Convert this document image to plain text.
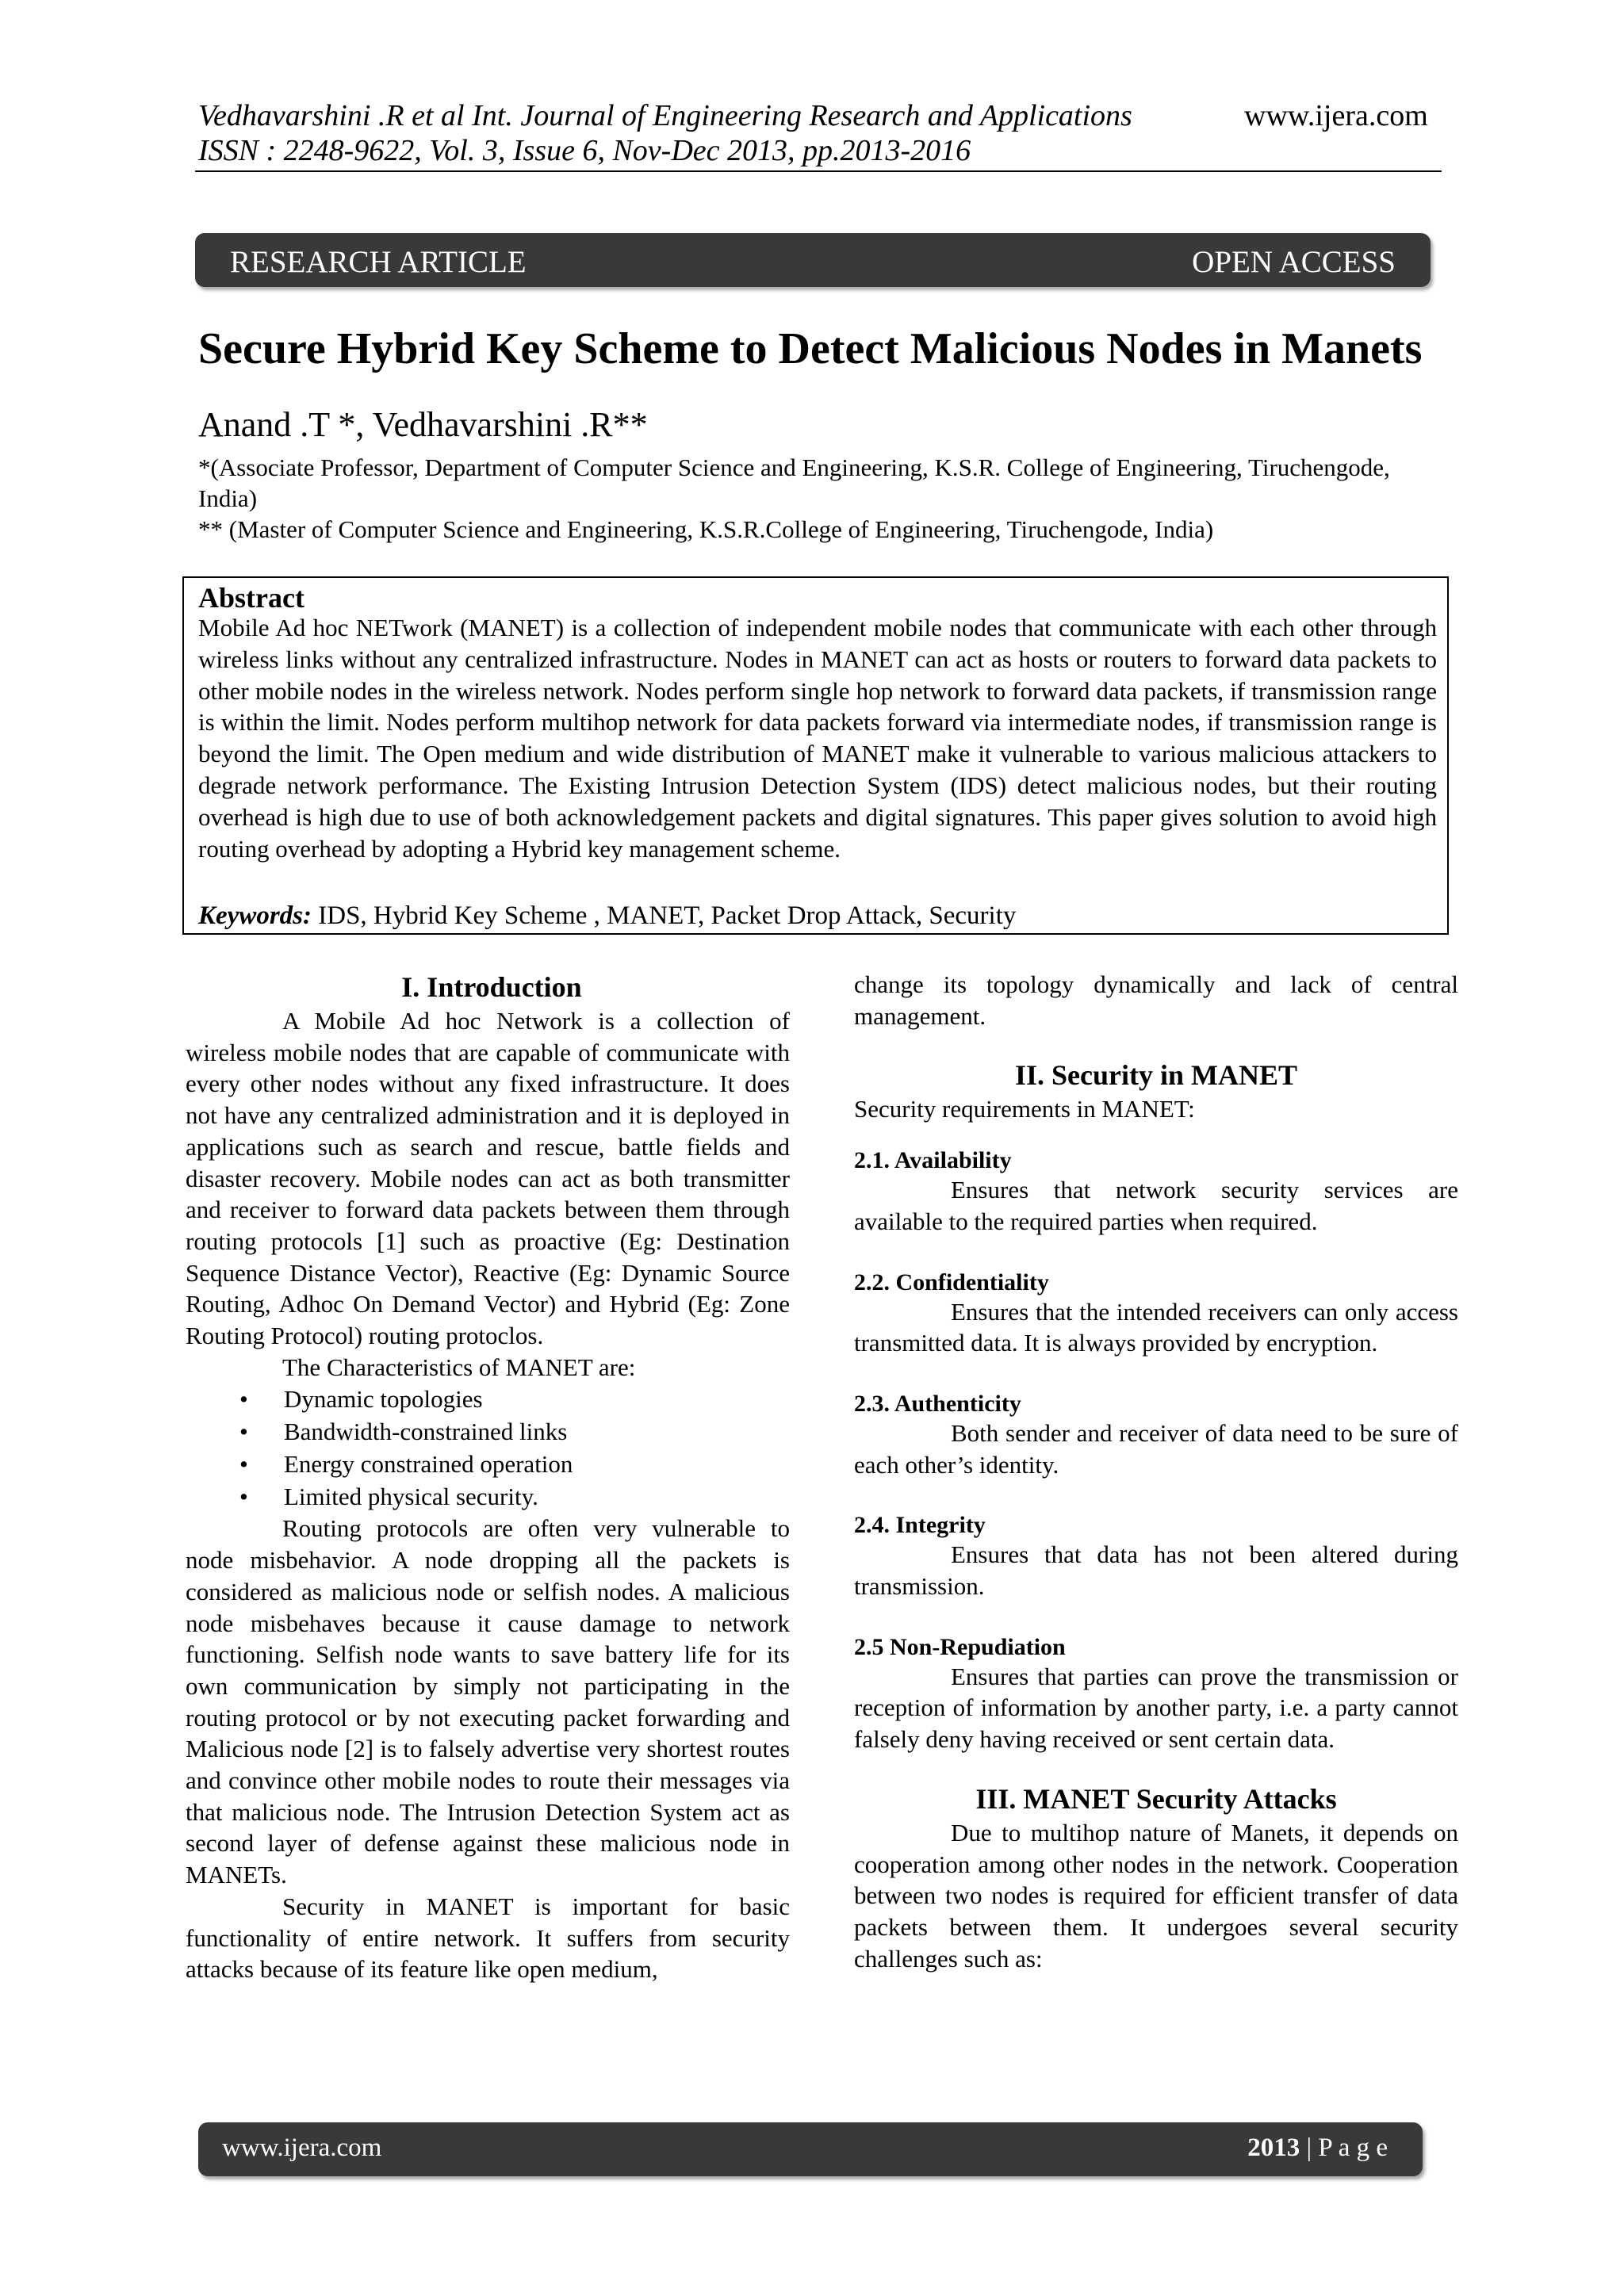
Vedhavarshini .R et al Int. Journal of Engineering Research and Applications	www.ijera.com
ISSN : 2248-9622, Vol. 3, Issue 6, Nov-Dec 2013, pp.2013-2016
RESEARCH ARTICLE	OPEN ACCESS
Secure Hybrid Key Scheme to Detect Malicious Nodes in Manets
Anand .T *, Vedhavarshini .R**
*(Associate Professor, Department of Computer Science and Engineering, K.S.R. College of Engineering, Tiruchengode, India)
** (Master of Computer Science and Engineering, K.S.R.College of Engineering, Tiruchengode, India)
Abstract
Mobile Ad hoc NETwork (MANET) is a collection of independent mobile nodes that communicate with each other through wireless links without any centralized infrastructure. Nodes in MANET can act as hosts or routers to forward data packets to other mobile nodes in the wireless network. Nodes perform single hop network to forward data packets, if transmission range is within the limit. Nodes perform multihop network for data packets forward via intermediate nodes, if transmission range is beyond the limit. The Open medium and wide distribution of MANET make it vulnerable to various malicious attackers to degrade network performance. The Existing Intrusion Detection System (IDS) detect malicious nodes, but their routing overhead is high due to use of both acknowledgement packets and digital signatures. This paper gives solution to avoid high routing overhead by adopting a Hybrid key management scheme.
Keywords: IDS, Hybrid Key Scheme , MANET, Packet Drop Attack, Security
I. Introduction
A Mobile Ad hoc Network is a collection of wireless mobile nodes that are capable of communicate with every other nodes without any fixed infrastructure. It does not have any centralized administration and it is deployed in applications such as search and rescue, battle fields and disaster recovery. Mobile nodes can act as both transmitter and receiver to forward data packets between them through routing protocols [1] such as proactive (Eg: Destination Sequence Distance Vector), Reactive (Eg: Dynamic Source Routing, Adhoc On Demand Vector) and Hybrid (Eg: Zone Routing Protocol) routing protoclos.
The Characteristics of MANET are:
• Dynamic topologies
• Bandwidth-constrained links
• Energy constrained operation
• Limited physical security.
Routing protocols are often very vulnerable to node misbehavior. A node dropping all the packets is considered as malicious node or selfish nodes. A malicious node misbehaves because it cause damage to network functioning. Selfish node wants to save battery life for its own communication by simply not participating in the routing protocol or by not executing packet forwarding and Malicious node [2] is to falsely advertise very shortest routes and convince other mobile nodes to route their messages via that malicious node. The Intrusion Detection System act as second layer of defense against these malicious node in MANETs.
Security in MANET is important for basic functionality of entire network. It suffers from security attacks because of its feature like open medium,
change its topology dynamically and lack of central management.
II. Security in MANET
Security requirements in MANET:
2.1. Availability
Ensures that network security services are available to the required parties when required.
2.2. Confidentiality
Ensures that the intended receivers can only access transmitted data. It is always provided by encryption.
2.3. Authenticity
Both sender and receiver of data need to be sure of each other’s identity.
2.4. Integrity
Ensures that data has not been altered during transmission.
2.5 Non-Repudiation
Ensures that parties can prove the transmission or reception of information by another party, i.e. a party cannot falsely deny having received or sent certain data.
III. MANET Security Attacks
Due to multihop nature of Manets, it depends on cooperation among other nodes in the network. Cooperation between two nodes is required for efficient transfer of data packets between them. It undergoes several security challenges such as:
www.ijera.com	2013 | P a g e
